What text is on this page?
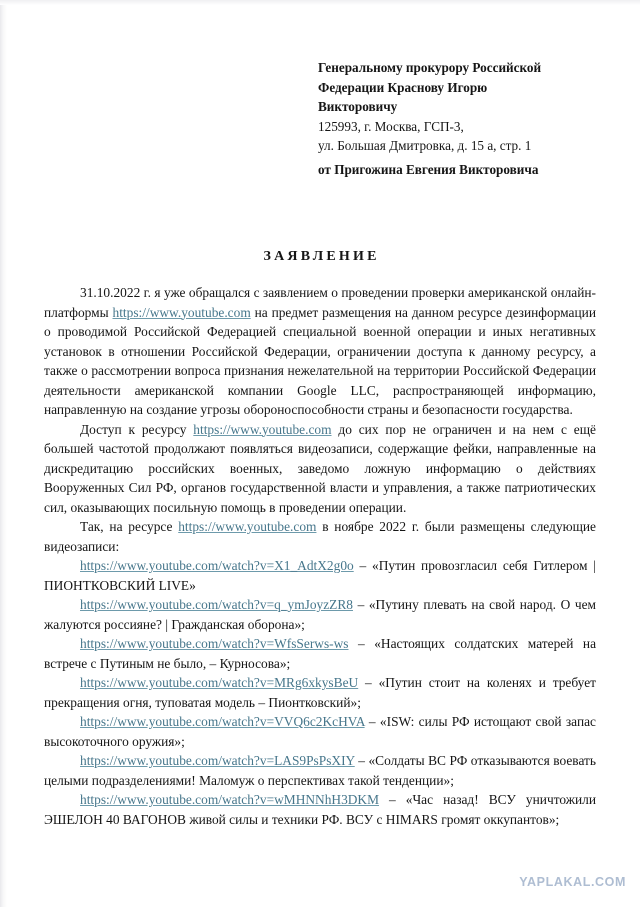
Генеральному прокурору Российской
Федерации Краснову Игорю
Викторовичу
125993, г. Москва, ГСП-3,
ул. Большая Дмитровка, д. 15 а, стр. 1
от Пригожина Евгения Викторовича
ЗАЯВЛЕНИЕ

31.10.2022 г. я уже обращался с заявлением о проведении проверки американской онлайн-платформы https://www.youtube.com на предмет размещения на данном ресурсе дезинформации о проводимой Российской Федерацией специальной военной операции и иных негативных установок в отношении Российской Федерации, ограничении доступа к данному ресурсу, а также о рассмотрении вопроса признания нежелательной на территории Российской Федерации деятельности американской компании Google LLC, распространяющей информацию, направленную на создание угрозы обороноспособности страны и безопасности государства.

Доступ к ресурсу https://www.youtube.com до сих пор не ограничен и на нем с ещё большей частотой продолжают появляться видеозаписи, содержащие фейки, направленные на дискредитацию российских военных, заведомо ложную информацию о действиях Вооруженных Сил РФ, органов государственной власти и управления, а также патриотических сил, оказывающих посильную помощь в проведении операции.

Так, на ресурсе https://www.youtube.com в ноябре 2022 г. были размещены следующие видеозаписи:

https://www.youtube.com/watch?v=X1_AdtX2g0o – «Путин провозгласил себя Гитлером | ПИОНТКОВСКИЙ LIVE»

https://www.youtube.com/watch?v=q_ymJoyzZR8 – «Путину плевать на свой народ. О чем жалуются россияне? | Гражданская оборона»;

https://www.youtube.com/watch?v=WfsSerws-ws – «Настоящих солдатских матерей на встрече с Путиным не было, – Курносова»;

https://www.youtube.com/watch?v=MRg6xkysBeU – «Путин стоит на коленях и требует прекращения огня, туповатая модель – Пионтковский»;

https://www.youtube.com/watch?v=VVQ6c2KcHVA – «ISW: силы РФ истощают свой запас высокоточного оружия»;

https://www.youtube.com/watch?v=LAS9PsPsXIY – «Солдаты ВС РФ отказываются воевать целыми подразделениями! Маломуж о перспективах такой тенденции»;

https://www.youtube.com/watch?v=wMHNNhH3DKM – «Час назад! ВСУ уничтожили ЭШЕЛОН 40 ВАГОНОВ живой силы и техники РФ. ВСУ с HIMARS громят оккупантов»;

YAPLAKAL.COM
